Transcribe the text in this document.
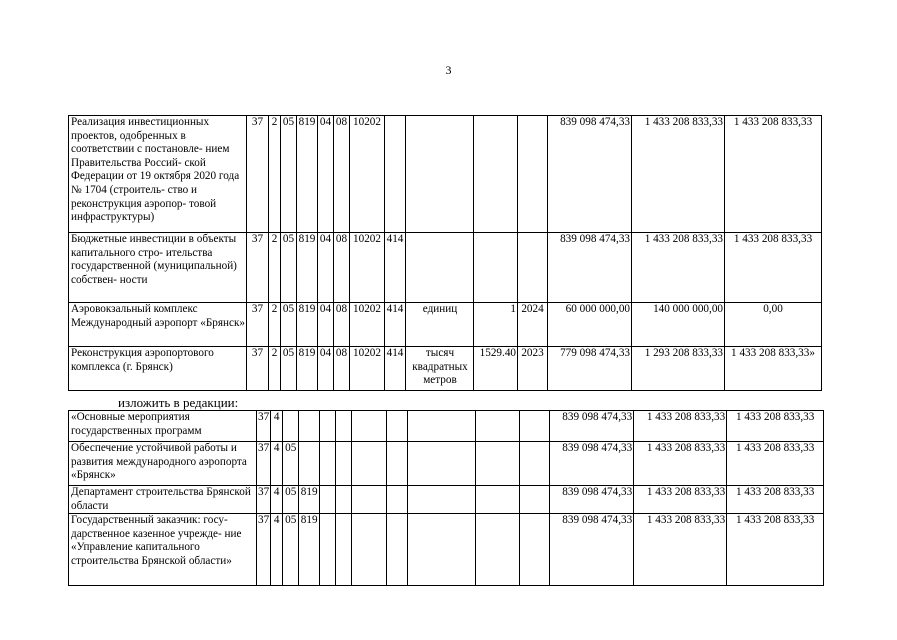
3
Реализация инвестиционных проектов, одобренных в соответствии с постановле- нием Правительства Россий- ской Федерации от 19 октября 2020 года № 1704 (строитель- ство и реконструкция аэропор- товой инфраструктуры)	37	2	05	819	04	08	10202					839 098 474,33	1 433 208 833,33	1 433 208 833,33
Бюджетные инвестиции в объекты капитального стро- ительства государственной (муниципальной) собствен- ности	37	2	05	819	04	08	10202	414				839 098 474,33	1 433 208 833,33	1 433 208 833,33
Аэровокзальный комплекс Международный аэропорт «Брянск»	37	2	05	819	04	08	10202	414	единиц	1	2024	60 000 000,00	140 000 000,00	0,00
Реконструкция аэропортового комплекса (г. Брянск)	37	2	05	819	04	08	10202	414	тысяч квадратных метров	1529.40	2023	779 098 474,33	1 293 208 833,33	1 433 208 833,33»
изложить в редакции:
«Основные мероприятия государственных программ	37	4										839 098 474,33	1 433 208 833,33	1 433 208 833,33
Обеспечение устойчивой работы и развития международного аэропорта «Брянск»	37	4	05									839 098 474,33	1 433 208 833,33	1 433 208 833,33
Департамент строительства Брянской области	37	4	05	819								839 098 474,33	1 433 208 833,33	1 433 208 833,33
Государственный заказчик: госу- дарственное казенное учрежде- ние «Управление капитального строительства Брянской области»	37	4	05	819								839 098 474,33	1 433 208 833,33	1 433 208 833,33
